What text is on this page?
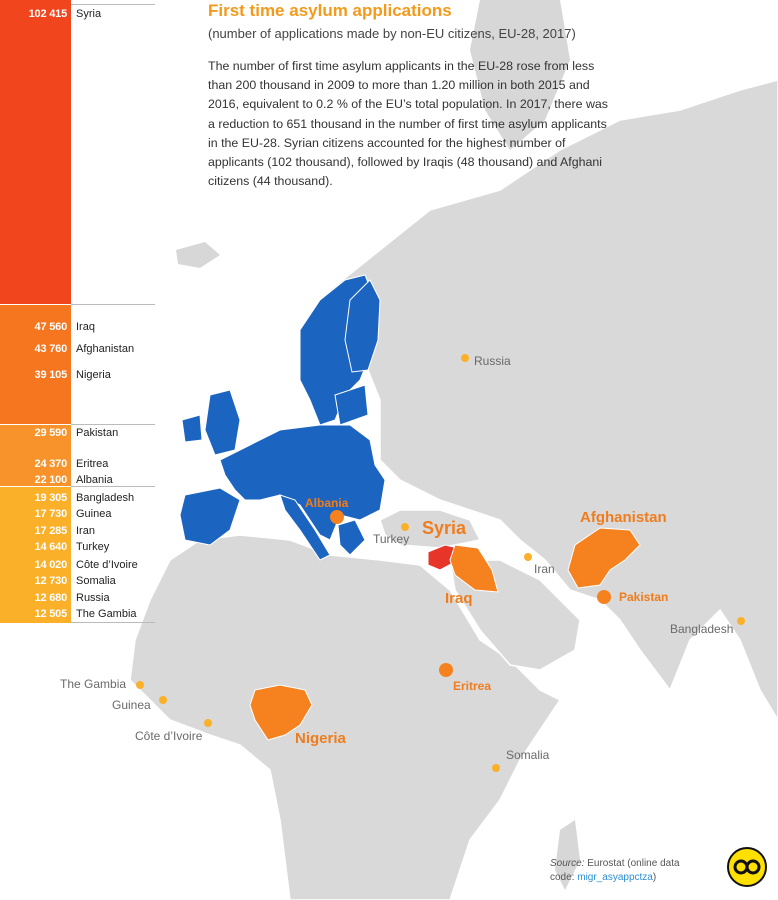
102 415 Syria
47 560 Iraq
43 760 Afghanistan
39 105 Nigeria
29 590 Pakistan
24 370 Eritrea
22 100 Albania
19 305 Bangladesh
17 730 Guinea
17 285 Iran
14 640 Turkey
14 020 Côte d’Ivoire
12 730 Somalia
12 680 Russia
12 505 The Gambia
First time asylum applications
(number of applications made by non-EU citizens, EU-28, 2017)
The number of first time asylum applicants in the EU-28 rose from less than 200 thousand in 2009 to more than 1.20 million in both 2015 and 2016, equivalent to 0.2 % of the EU’s total population. In 2017, there was a reduction to 651 thousand in the number of first time asylum applicants in the EU-28. Syrian citizens accounted for the highest number of applicants (102 thousand), followed by Iraqis (48 thousand) and Afghani citizens (44 thousand).
Syria
Iraq
Afghanistan
Pakistan
Nigeria
Eritrea
Albania
Russia
Turkey
Iran
Bangladesh
The Gambia
Guinea
Côte d’Ivoire
Somalia
Source: Eurostat (online data code: migr_asyappctza)
